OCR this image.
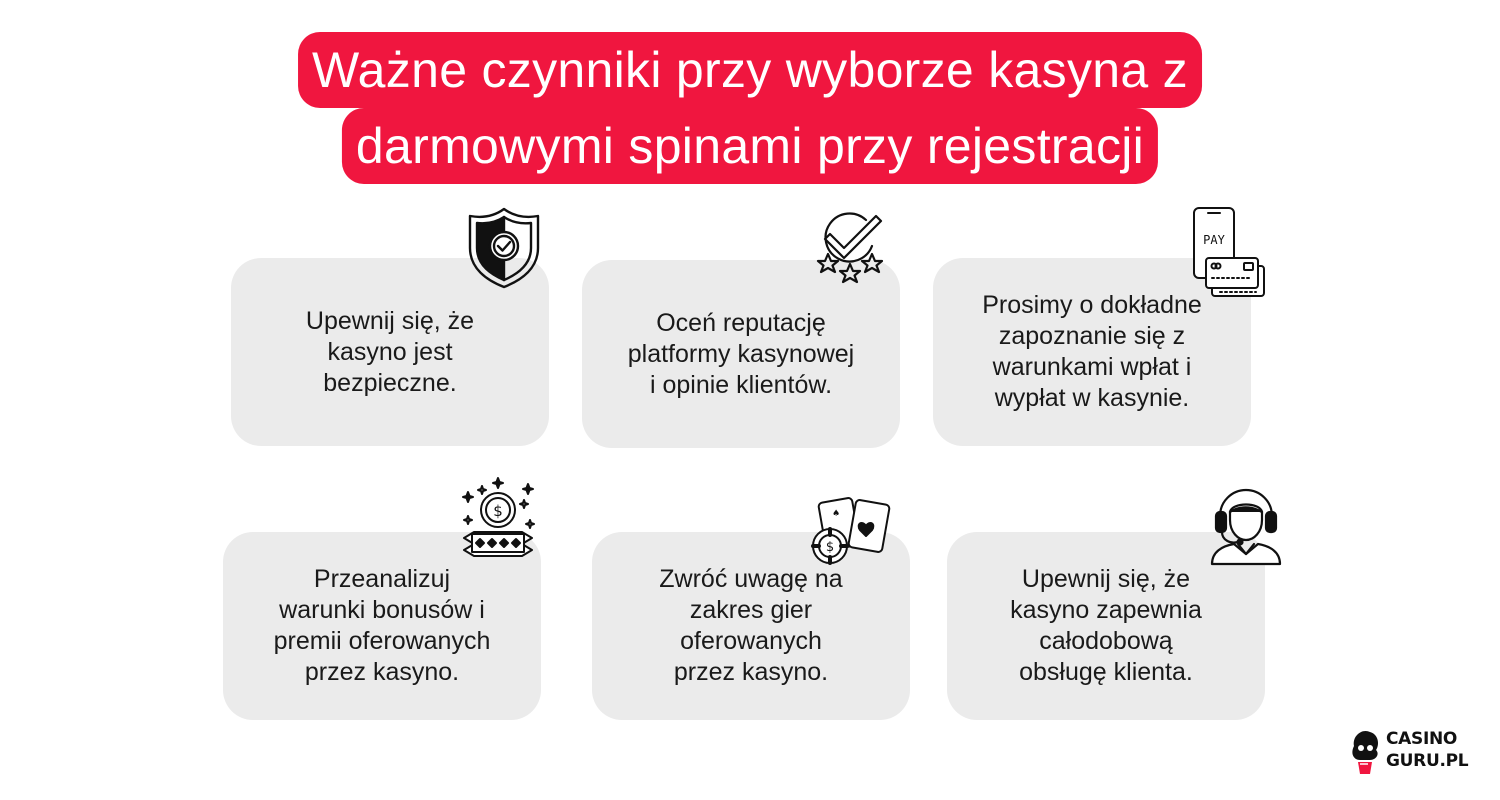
Ważne czynniki przy wyborze kasyna z
darmowymi spinami przy rejestracji
Upewnij się, że
kasyno jest
bezpieczne.
Oceń reputację
platformy kasynowej
i opinie klientów.
Prosimy o dokładne
zapoznanie się z
warunkami wpłat i
wypłat w kasynie.
Przeanalizuj
warunki bonusów i
premii oferowanych
przez kasyno.
Zwróć uwagę na
zakres gier
oferowanych
przez kasyno.
Upewnij się, że
kasyno zapewnia
całodobową
obsługę klienta.
PAY
$	♠
$
CASINO
GURU.PL
